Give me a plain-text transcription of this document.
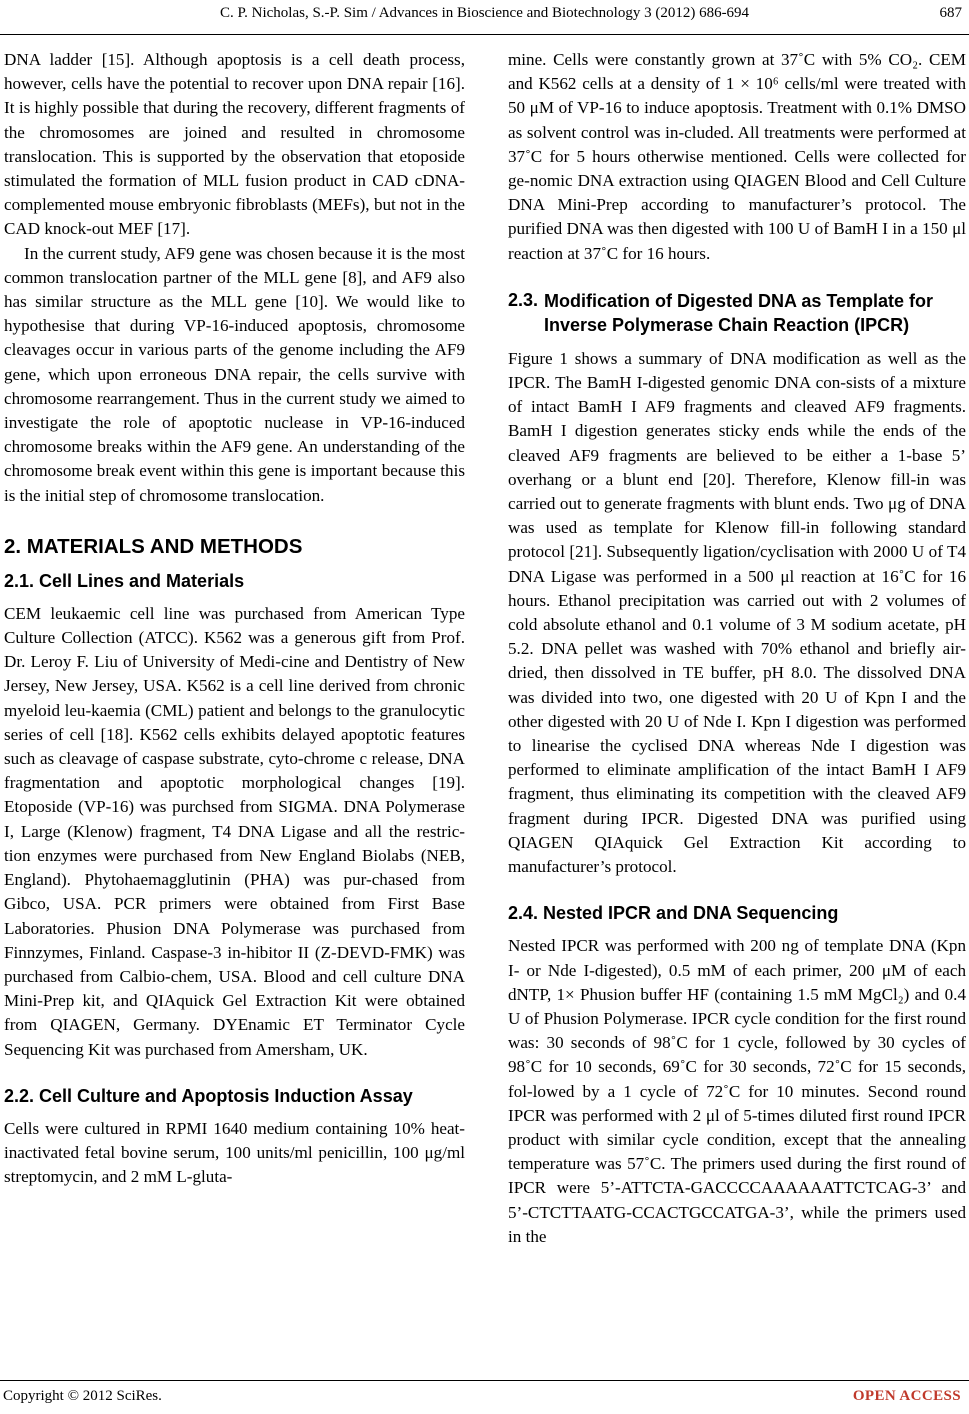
C. P. Nicholas, S.-P. Sim / Advances in Bioscience and Biotechnology 3 (2012) 686-694	687

DNA ladder [15]. Although apoptosis is a cell death process, however, cells have the potential to recover upon DNA repair [16]. It is highly possible that during the recovery, different fragments of the chromosomes are joined and resulted in chromosome translocation. This is supported by the observation that etoposide stimulated the formation of MLL fusion product in CAD cDNA-complemented mouse embryonic fibroblasts (MEFs), but not in the CAD knock-out MEF [17].

In the current study, AF9 gene was chosen because it is the most common translocation partner of the MLL gene [8], and AF9 also has similar structure as the MLL gene [10]. We would like to hypothesise that during VP-16-induced apoptosis, chromosome cleavages occur in various parts of the genome including the AF9 gene, which upon erroneous DNA repair, the cells survive with chromosome rearrangement. Thus in the current study we aimed to investigate the role of apoptotic nuclease in VP-16-induced chromosome breaks within the AF9 gene. An understanding of the chromosome break event within this gene is important because this is the initial step of chromosome translocation.

2. MATERIALS AND METHODS
2.1. Cell Lines and Materials

CEM leukaemic cell line was purchased from American Type Culture Collection (ATCC). K562 was a generous gift from Prof. Dr. Leroy F. Liu of University of Medi-cine and Dentistry of New Jersey, New Jersey, USA. K562 is a cell line derived from chronic myeloid leu-kaemia (CML) patient and belongs to the granulocytic series of cell [18]. K562 cells exhibits delayed apoptotic features such as cleavage of caspase substrate, cyto-chrome c release, DNA fragmentation and apoptotic morphological changes [19]. Etoposide (VP-16) was purchsed from SIGMA. DNA Polymerase I, Large (Klenow) fragment, T4 DNA Ligase and all the restric-tion enzymes were purchased from New England Biolabs (NEB, England). Phytohaemagglutinin (PHA) was pur-chased from Gibco, USA. PCR primers were obtained from First Base Laboratories. Phusion DNA Polymerase was purchased from Finnzymes, Finland. Caspase-3 in-hibitor II (Z-DEVD-FMK) was purchased from Calbio-chem, USA. Blood and cell culture DNA Mini-Prep kit, and QIAquick Gel Extraction Kit were obtained from QIAGEN, Germany. DYEnamic ET Terminator Cycle Sequencing Kit was purchased from Amersham, UK.

2.2. Cell Culture and Apoptosis Induction Assay

Cells were cultured in RPMI 1640 medium containing 10% heat-inactivated fetal bovine serum, 100 units/ml penicillin, 100 μg/ml streptomycin, and 2 mM L-gluta-

mine. Cells were constantly grown at 37˚C with 5% CO₂. CEM and K562 cells at a density of 1 × 10⁶ cells/ml were treated with 50 μM of VP-16 to induce apoptosis. Treatment with 0.1% DMSO as solvent control was in-cluded. All treatments were performed at 37˚C for 5 hours otherwise mentioned. Cells were collected for ge-nomic DNA extraction using QIAGEN Blood and Cell Culture DNA Mini-Prep according to manufacturer’s protocol. The purified DNA was then digested with 100 U of BamH I in a 150 μl reaction at 37˚C for 16 hours.

2.3. Modification of Digested DNA as Template for Inverse Polymerase Chain Reaction (IPCR)

Figure 1 shows a summary of DNA modification as well as the IPCR. The BamH I-digested genomic DNA con-sists of a mixture of intact BamH I AF9 fragments and cleaved AF9 fragments. BamH I digestion generates sticky ends while the ends of the cleaved AF9 fragments are believed to be either a 1-base 5’ overhang or a blunt end [20]. Therefore, Klenow fill-in was carried out to generate fragments with blunt ends. Two μg of DNA was used as template for Klenow fill-in following standard protocol [21]. Subsequently ligation/cyclisation with 2000 U of T4 DNA Ligase was performed in a 500 μl reaction at 16˚C for 16 hours. Ethanol precipitation was carried out with 2 volumes of cold absolute ethanol and 0.1 volume of 3 M sodium acetate, pH 5.2. DNA pellet was washed with 70% ethanol and briefly air-dried, then dissolved in TE buffer, pH 8.0. The dissolved DNA was divided into two, one digested with 20 U of Kpn I and the other digested with 20 U of Nde I. Kpn I digestion was performed to linearise the cyclised DNA whereas Nde I digestion was performed to eliminate amplification of the intact BamH I AF9 fragment, thus eliminating its competition with the cleaved AF9 fragment during IPCR. Digested DNA was purified using QIAGEN QIAquick Gel Extraction Kit according to manufacturer’s protocol.

2.4. Nested IPCR and DNA Sequencing

Nested IPCR was performed with 200 ng of template DNA (Kpn I- or Nde I-digested), 0.5 mM of each primer, 200 μM of each dNTP, 1× Phusion buffer HF (containing 1.5 mM MgCl₂) and 0.4 U of Phusion Polymerase. IPCR cycle condition for the first round was: 30 seconds of 98˚C for 1 cycle, followed by 30 cycles of 98˚C for 10 seconds, 69˚C for 30 seconds, 72˚C for 15 seconds, fol-lowed by a 1 cycle of 72˚C for 10 minutes. Second round IPCR was performed with 2 μl of 5-times diluted first round IPCR product with similar cycle condition, except that the annealing temperature was 57˚C. The primers used during the first round of IPCR were 5’-ATTCTA-GACCCCAAAAAATTCTCAG-3’ and 5’-CTCTTAATG-CCACTGCCATGA-3’, while the primers used in the

Copyright © 2012 SciRes.	OPEN ACCESS
